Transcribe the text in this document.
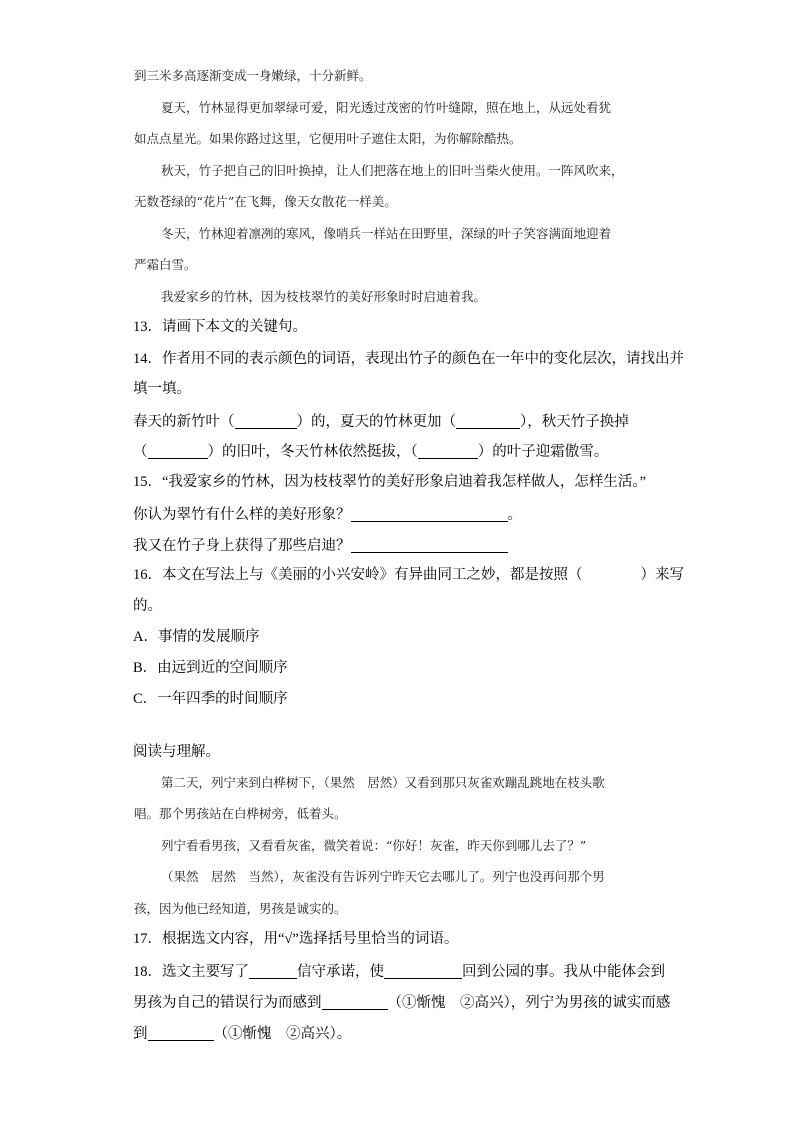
到三米多高逐渐变成一身嫩绿，十分新鲜。
夏天，竹林显得更加翠绿可爱，阳光透过茂密的竹叶缝隙，照在地上，从远处看犹
如点点星光。如果你路过这里，它便用叶子遮住太阳，为你解除酷热。
秋天，竹子把自己的旧叶换掉，让人们把落在地上的旧叶当柴火使用。一阵风吹来，
无数苍绿的“花片”在飞舞，像天女散花一样美。
冬天，竹林迎着凛冽的寒风，像哨兵一样站在田野里，深绿的叶子笑容满面地迎着
严霜白雪。
我爱家乡的竹林，因为枝枝翠竹的美好形象时时启迪着我。
13．请画下本文的关键句。
14．作者用不同的表示颜色的词语，表现出竹子的颜色在一年中的变化层次，请找出并
填一填。
春天的新竹叶（	）的，夏天的竹林更加（	），秋天竹子换掉
（	）的旧叶，冬天竹林依然挺拔，（	）的叶子迎霜傲雪。
15．“我爱家乡的竹林，因为枝枝翠竹的美好形象启迪着我怎样做人，怎样生活。”
你认为翠竹有什么样的美好形象？	。
我又在竹子身上获得了那些启迪？
16．本文在写法上与《美丽的小兴安岭》有异曲同工之妙，都是按照（　　　　）来写
的。
A．事情的发展顺序
B．由远到近的空间顺序
C．一年四季的时间顺序
阅读与理解。
第二天，列宁来到白桦树下，（果然　居然）又看到那只灰雀欢蹦乱跳地在枝头歌
唱。那个男孩站在白桦树旁，低着头。
列宁看看男孩，又看看灰雀，微笑着说：“你好！灰雀，昨天你到哪儿去了？”
（果然　居然　当然），灰雀没有告诉列宁昨天它去哪儿了。列宁也没再问那个男
孩，因为他已经知道，男孩是诚实的。
17．根据选文内容，用“√”选择括号里恰当的词语。
18．选文主要写了	信守承诺，使	回到公园的事。我从中能体会到
男孩为自己的错误行为而感到	（①惭愧　②高兴），列宁为男孩的诚实而感
到	（①惭愧　②高兴）。
